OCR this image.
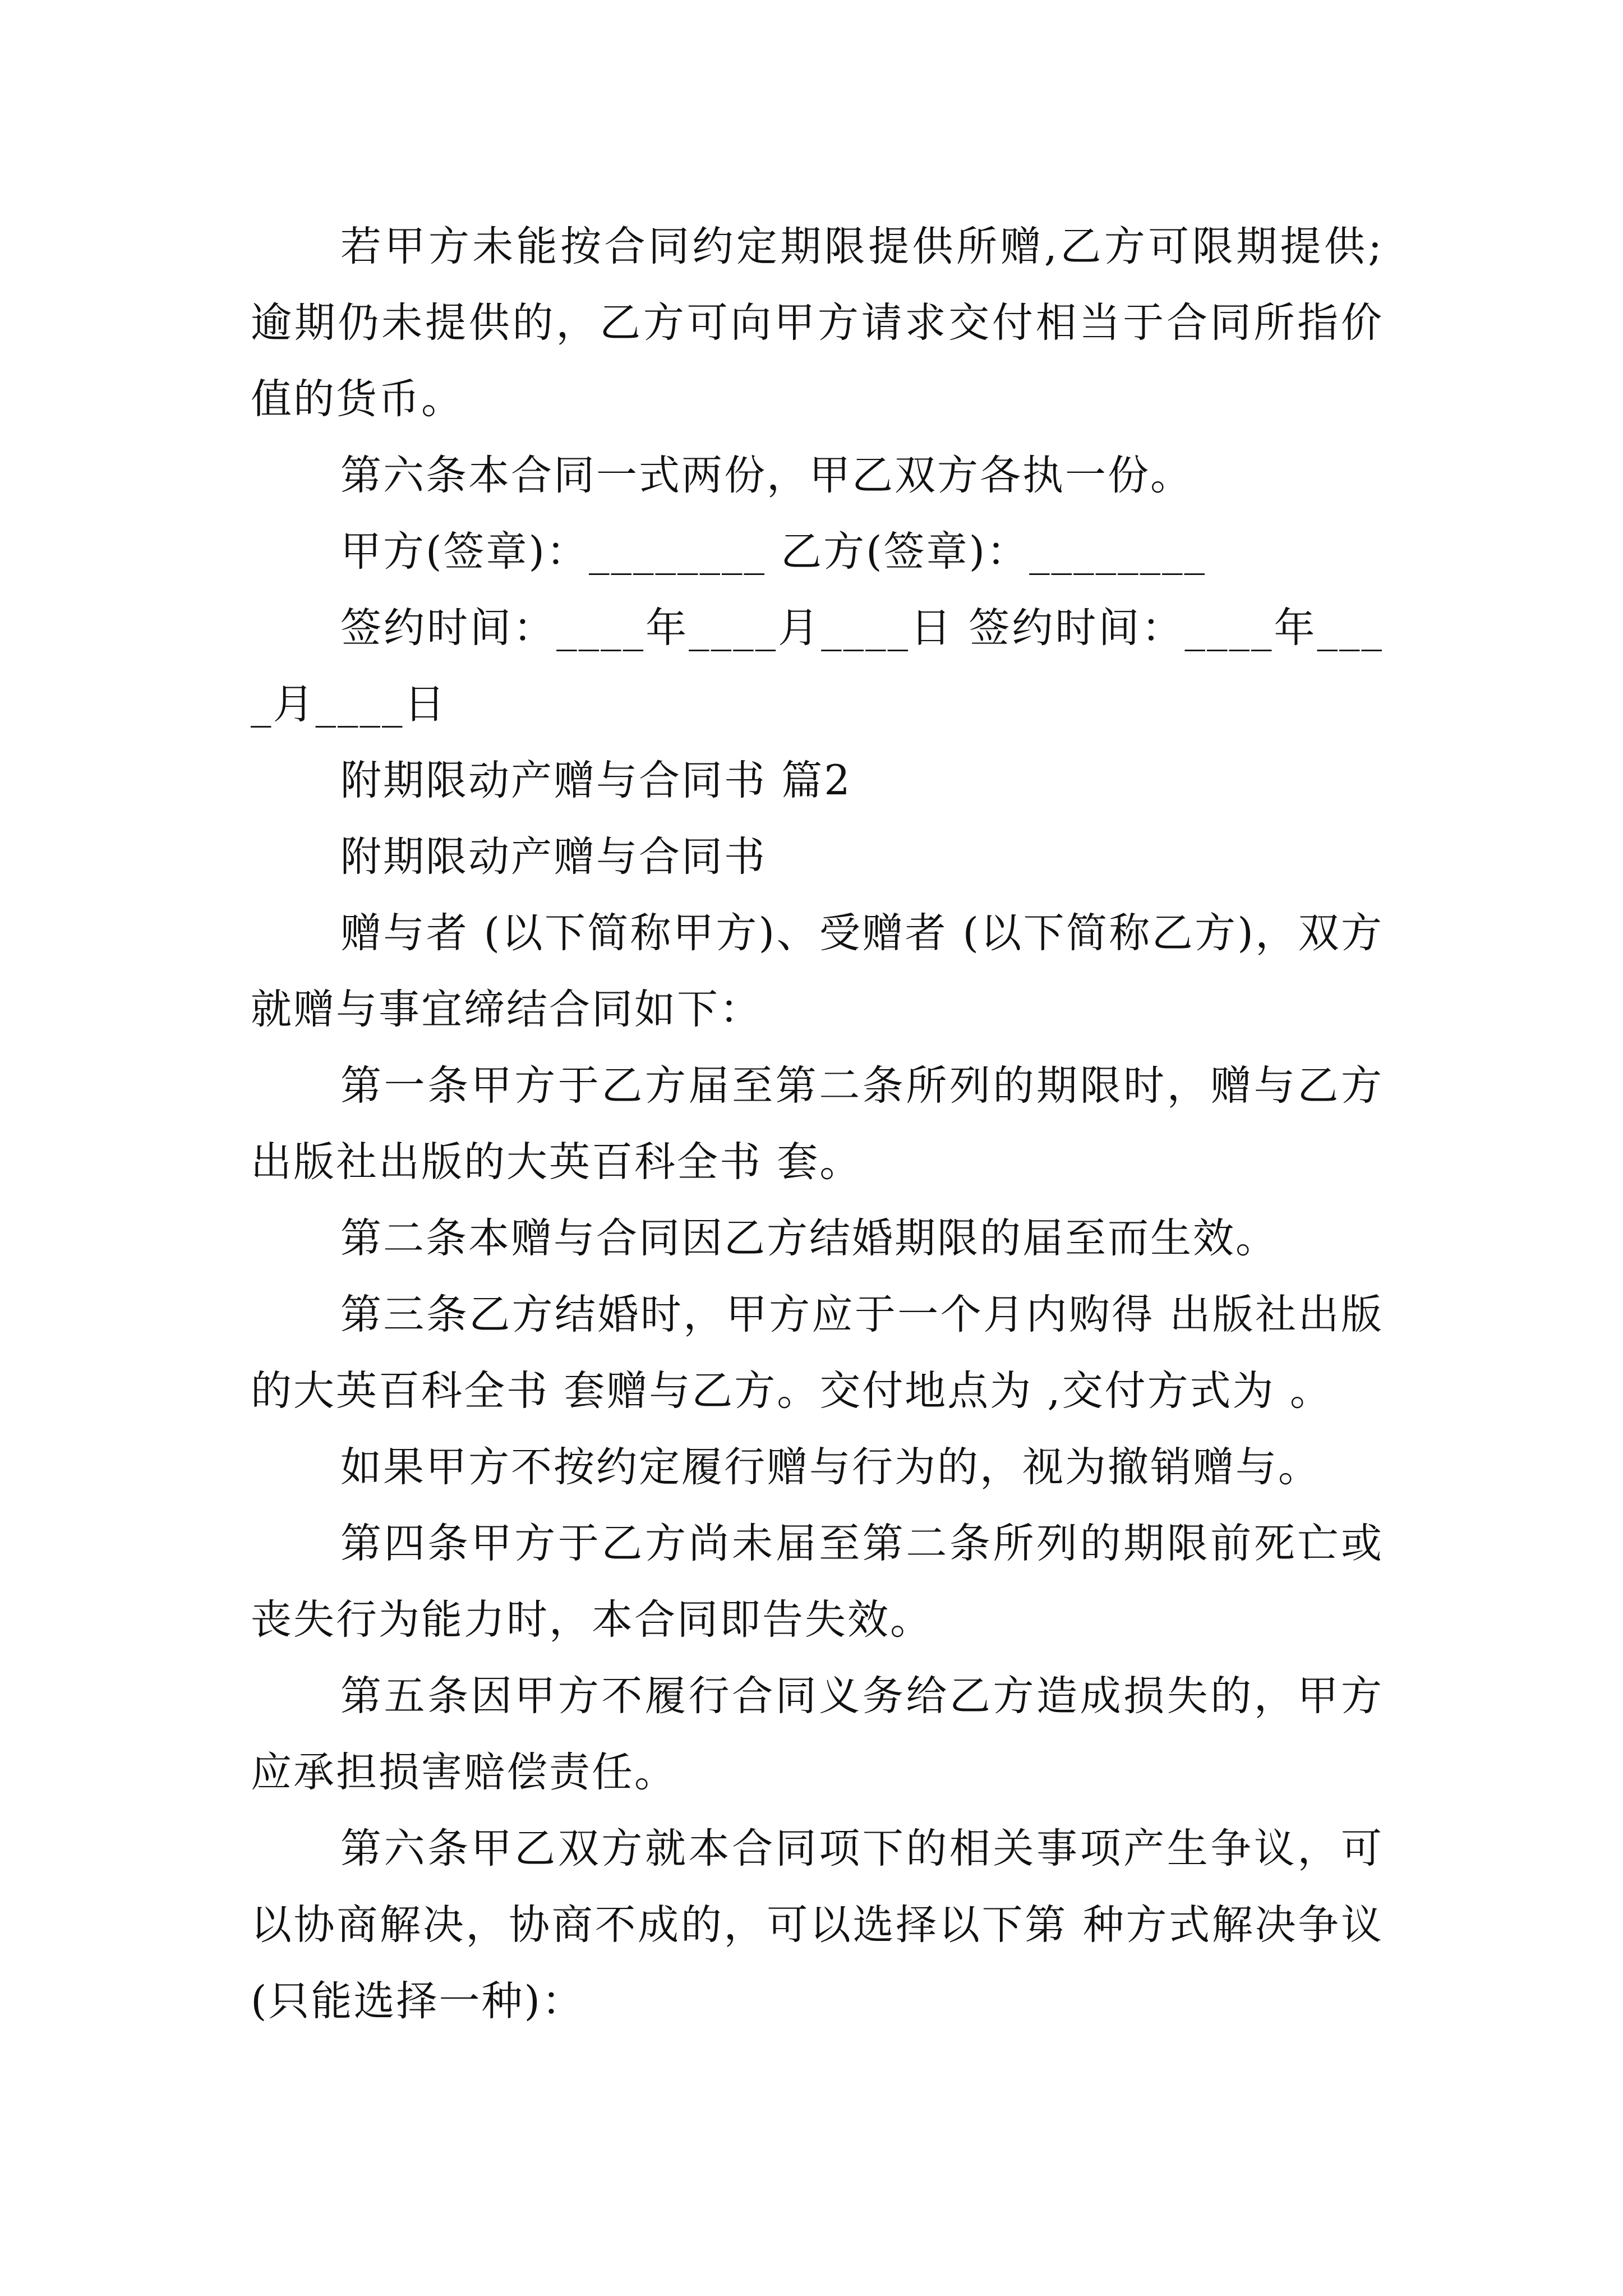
若甲方未能按合同约定期限提供所赠,乙方可限期提供;逾期仍未提供的，乙方可向甲方请求交付相当于合同所指价值的货币。

第六条本合同一式两份，甲乙双方各执一份。

甲方(签章)：________ 乙方(签章)：________

签约时间：____年____月____日 签约时间：____年____月____日

附期限动产赠与合同书 篇2

附期限动产赠与合同书

赠与者 (以下简称甲方)、受赠者 (以下简称乙方)，双方就赠与事宜缔结合同如下：

第一条甲方于乙方届至第二条所列的期限时，赠与乙方出版社出版的大英百科全书 套。

第二条本赠与合同因乙方结婚期限的届至而生效。

第三条乙方结婚时，甲方应于一个月内购得 出版社出版的大英百科全书 套赠与乙方。交付地点为 ,交付方式为 。

如果甲方不按约定履行赠与行为的，视为撤销赠与。

第四条甲方于乙方尚未届至第二条所列的期限前死亡或丧失行为能力时，本合同即告失效。

第五条因甲方不履行合同义务给乙方造成损失的，甲方应承担损害赔偿责任。

第六条甲乙双方就本合同项下的相关事项产生争议，可以协商解决，协商不成的，可以选择以下第 种方式解决争议(只能选择一种)：
